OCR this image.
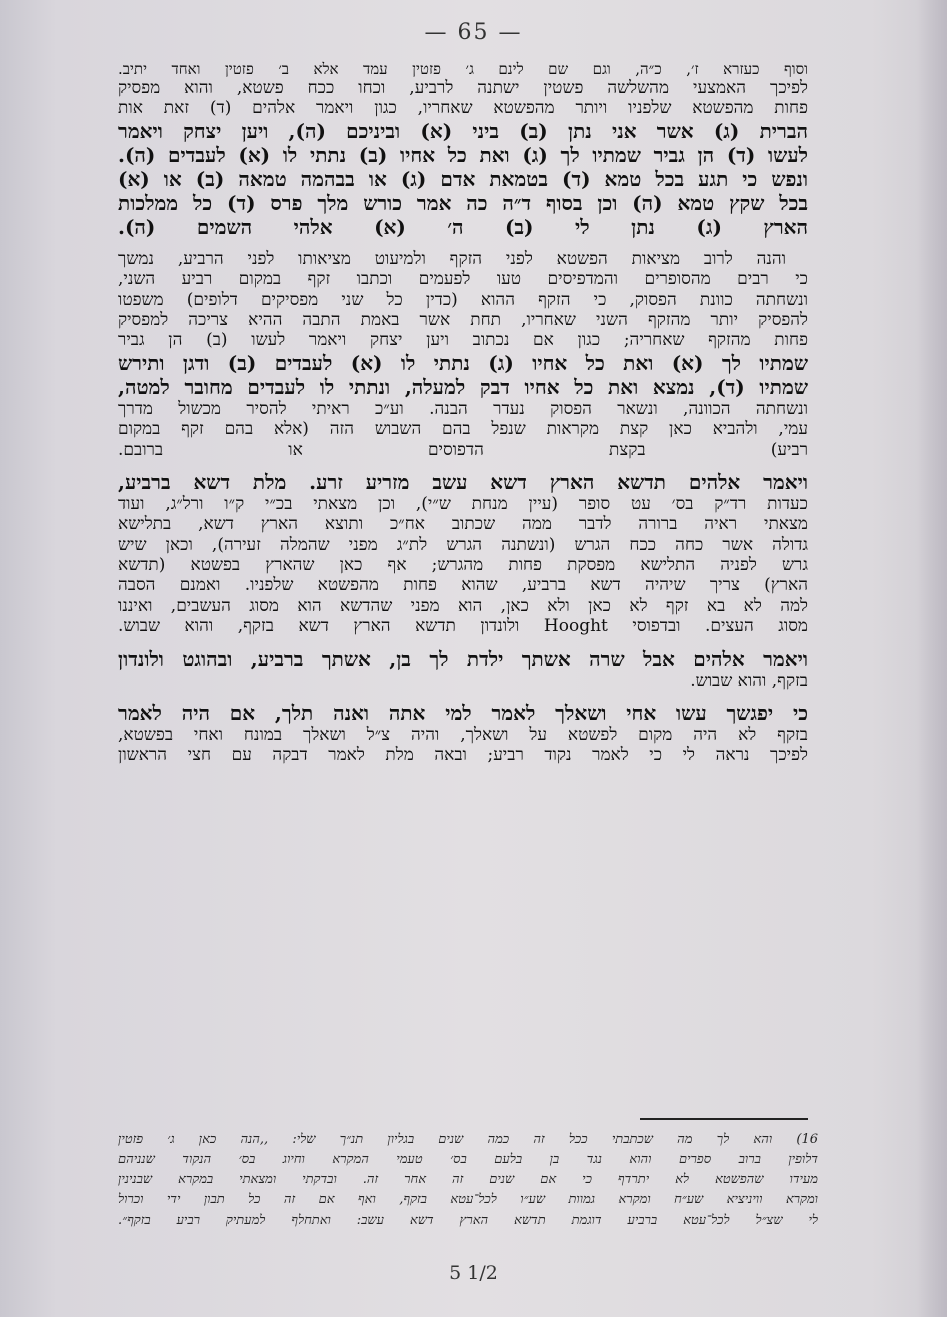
— 65 —

וסוף כעזרא ז׳, כ״ה, וגם שם לינם ג׳ פזטין עמד אלא ב׳ פזטין ואחד יתיב.

לפיכך האמצעי מהשלשה פשטין ישתנה לרביע, וכחו ככח פשטא, והוא מפסיק

פחות מהפשטא שלפניו ויותר מהפשטא שאחריו, כגון ויאמר אלהים (ד) זאת אות

הברית (ג) אשר אני נתן (ב) ביני (א) וביניכם (ה), ויען יצחק ויאמר

לעשו (ד) הן גביר שמתיו לך (ג) ואת כל אחיו (ב) נתתי לו (א) לעבדים (ה).

ונפש כי תגע בכל טמא (ד) בטמאת אדם (ג) או בבהמה טמאה (ב) או (א)

בכל שקץ טמא (ה) וכן בסוף ד״ה כה אמר כורש מלך פרס (ד) כל ממלכות

הארץ (ג) נתן לי (ב) ה׳ (א) אלהי השמים (ה).

והנה לרוב מציאות הפשטא לפני הזקף ולמיעוט מציאותו לפני הרביע, נמשך

כי רבים מהסופרים והמדפיסים טעו לפעמים וכתבו זקף במקום רביע השני,

ונשחתה כוונת הפסוק, כי הזקף ההוא (כדין כל שני מפסיקים דלופים) משפטו

להפסיק יותר מהזקף השני שאחריו, תחת אשר באמת התבה ההיא צריכה למפסיק

פחות מהזקף שאחריה; כגון אם נכתוב ויען יצחק ויאמר לעשו (ב) הן גביר

שמתיו לך (א) ואת כל אחיו (ג) נתתי לו (א) לעבדים (ב) ודגן ותירש

שמתיו (ד), נמצא ואת כל אחיו דבק למעלה, ונתתי לו לעבדים מחובר למטה,

ונשחתה הכוונה, ונשאר הפסוק נעדר הבנה. וע״כ ראיתי להסיר מכשול מדרך

עמי, ולהביא כאן קצת מקראות שנפל בהם השבוש הזה (אלא בהם זקף במקום

רביע) בקצת הדפוסים או ברובם.

ויאמר אלהים תדשא הארץ דשא עשב מזריע זרע. מלת דשא ברביע,

כעדות רד״ק בס׳ עט סופר (עיין מנחת ש״י), וכן מצאתי בכ״י ק״ו ורל״ג, ועוד

מצאתי ראיה ברורה לדבר ממה שכתוב אח״כ ותוצא הארץ דשא, בתלישא

גדולה אשר כחה ככח הגרש (ונשתנה הגרש לת״ג מפני שהמלה זעירה), וכאן שיש

גרש לפניה התלישא מפסקת פחות מהגרש; אף כאן שהארץ בפשטא (תדשא

הארץ) צריך שיהיה דשא ברביע, שהוא פחות מהפשטא שלפניו. ואמנם הסבה

למה לא בא זקף לא כאן ולא כאן, הוא מפני שהדשא הוא מסוג העשבים, ואיננו

מסוג העצים. ובדפוסי Hooght ולונדון תדשא הארץ דשא בזקף, והוא שבוש.

ויאמר אלהים אבל שרה אשתך ילדת לך בן, אשתך ברביע, ובהוגט ולונדון

בזקף, והוא שבוש.

כי יפגשך עשו אחי ושאלך לאמר למי אתה ואנה תלך, אם היה לאמר

בזקף לא היה מקום לפשטא על ושאלך, והיה צ״ל ושאלך במונח ואחי בפשטא,

לפיכך נראה לי כי לאמר נקוד רביע; ובאה מלת לאמר דבקה עם חצי הראשון

16) והא לך מה שכתבתי ככל זה כמה שנים בגליון תנ״ך שלי: ,,הנה כאן ג׳ פזטין

דלופין ברוב ספרים והוא נגד בן בלעם בס׳ טעמי המקרא וחיוג בס׳ הנקוד שנניהם

מעידו שהפשטא לא יתרדף כי אם שנים זה אחר זה. ובדקתי ומצאתי במקרא שבנינין

ומקרא וויניציא שע״ח ומקרא גמוות שע״ו לכל־עטא בזקף, ואף אם זה כל תבון ידי וכרול

לי שצ״ל לכל־עטא ברביע דוגמת תדשא הארץ דשא עשב: ואתחלף למעתיק רביע בזקף״.

5 1/2
